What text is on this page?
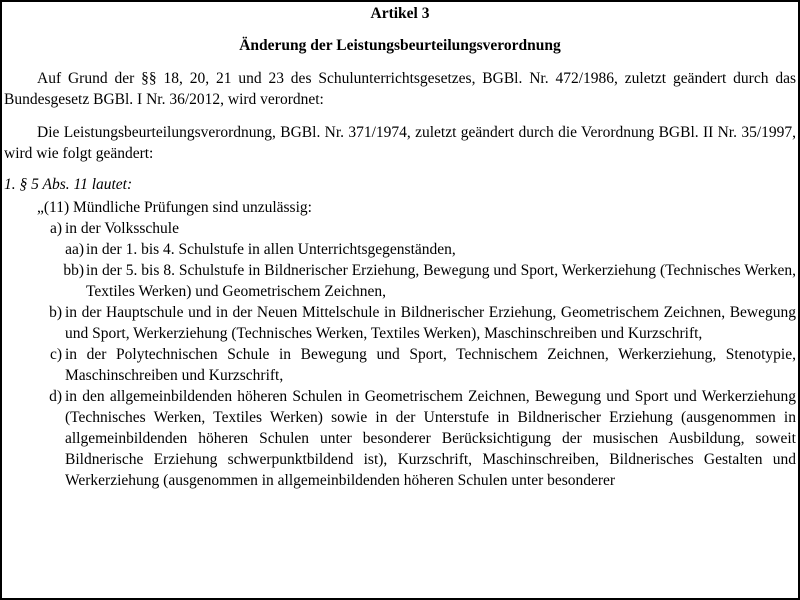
Artikel 3

Änderung der Leistungsbeurteilungsverordnung

Auf Grund der §§ 18, 20, 21 und 23 des Schulunterrichtsgesetzes, BGBl. Nr. 472/1986, zuletzt geändert durch das Bundesgesetz BGBl. I Nr. 36/2012, wird verordnet:

Die Leistungsbeurteilungsverordnung, BGBl. Nr. 371/1974, zuletzt geändert durch die Verordnung BGBl. II Nr. 35/1997, wird wie folgt geändert:

1. § 5 Abs. 11 lautet:
„(11) Mündliche Prüfungen sind unzulässig:
a) in der Volksschule
aa) in der 1. bis 4. Schulstufe in allen Unterrichtsgegenständen,
bb) in der 5. bis 8. Schulstufe in Bildnerischer Erziehung, Bewegung und Sport, Werkerziehung (Technisches Werken, Textiles Werken) und Geometrischem Zeichnen,
b) in der Hauptschule und in der Neuen Mittelschule in Bildnerischer Erziehung, Geometrischem Zeichnen, Bewegung und Sport, Werkerziehung (Technisches Werken, Textiles Werken), Maschinschreiben und Kurzschrift,
c) in der Polytechnischen Schule in Bewegung und Sport, Technischem Zeichnen, Werkerziehung, Stenotypie, Maschinschreiben und Kurzschrift,
d) in den allgemeinbildenden höheren Schulen in Geometrischem Zeichnen, Bewegung und Sport und Werkerziehung (Technisches Werken, Textiles Werken) sowie in der Unterstufe in Bildnerischer Erziehung (ausgenommen in allgemeinbildenden höheren Schulen unter besonderer Berücksichtigung der musischen Ausbildung, soweit Bildnerische Erziehung schwerpunktbildend ist), Kurzschrift, Maschinschreiben, Bildnerisches Gestalten und Werkerziehung (ausgenommen in allgemeinbildenden höheren Schulen unter besonderer
